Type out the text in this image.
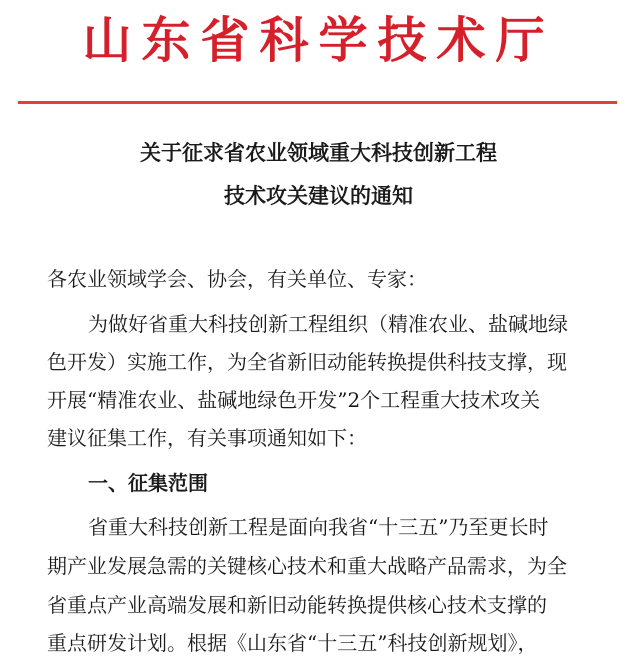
山东省科学技术厅
关于征求省农业领域重大科技创新工程
技术攻关建议的通知
各农业领域学会、协会，有关单位、专家：
为做好省重大科技创新工程组织（精准农业、盐碱地绿
色开发）实施工作，为全省新旧动能转换提供科技支撑，现
开展“精准农业、盐碱地绿色开发”2个工程重大技术攻关
建议征集工作，有关事项通知如下：
一、征集范围
省重大科技创新工程是面向我省“十三五”乃至更长时
期产业发展急需的关键核心技术和重大战略产品需求，为全
省重点产业高端发展和新旧动能转换提供核心技术支撑的
重点研发计划。根据《山东省“十三五”科技创新规划》，
